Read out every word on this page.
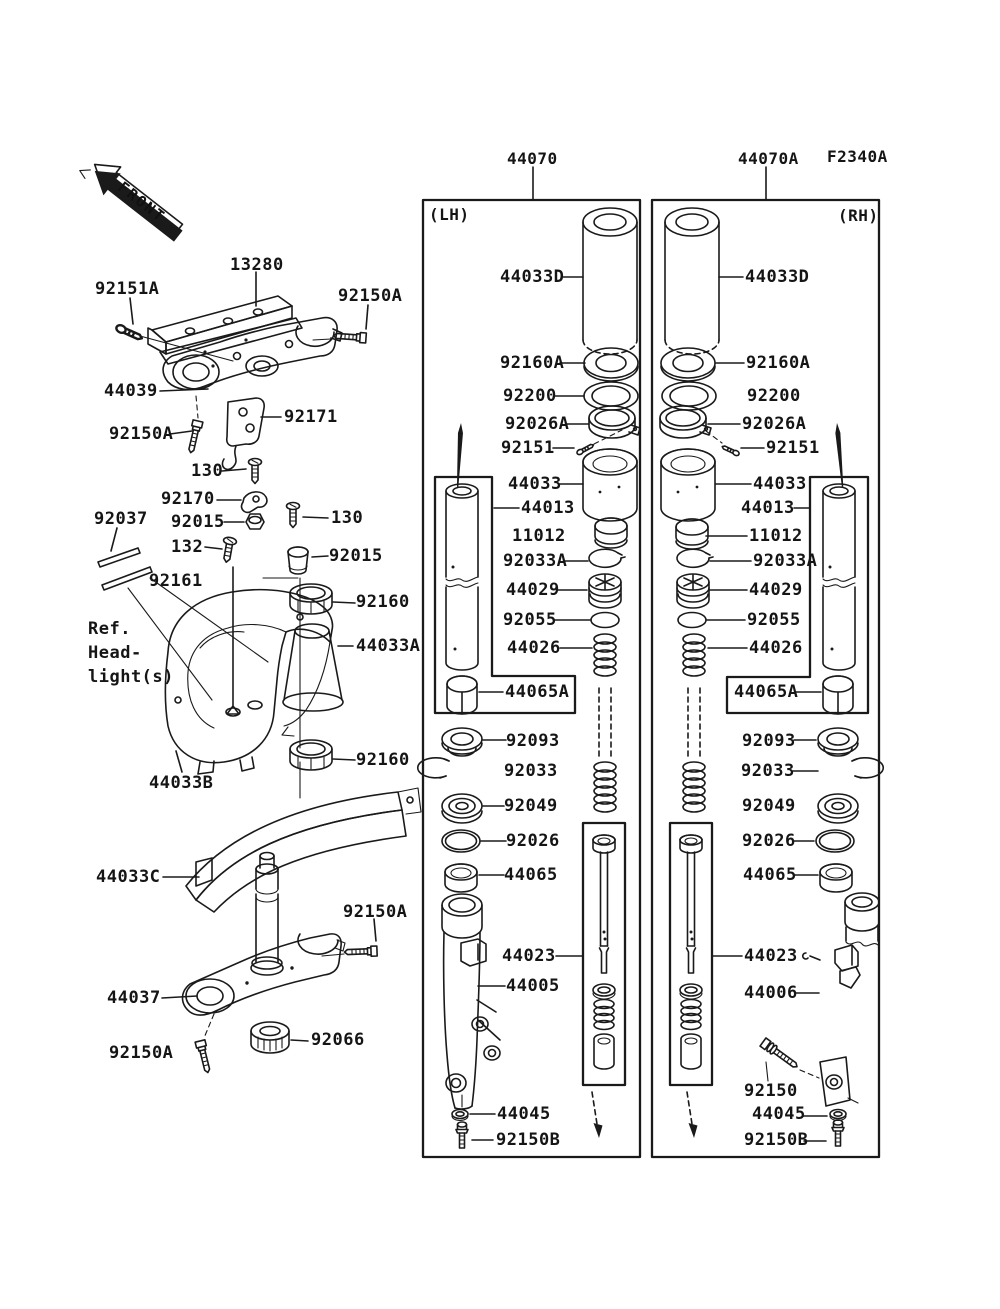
FRONT
44070	44070A F2340A
(LH)	(RH)
Ref.
Head-
light(s)
13280
92151A	92150A
44039
92171
92150A
130
92170
92015	130
92037
132	92015
92161
92160
44033A
44033B
92160
44033C
92150A
44037
92150A
92066
44033D
92160A
92200
92026A
92151
44033
44013
11012
92033A
44029
92055
44026
44065A
92093
92033
92049
92026
44065
44023
44005
44045
92150B
44033D
92160A
92200
92026A
92151
44033
44013
11012
92033A
44029
92055
44026
44065A
92093
92033
92049
92026
44065
44023
44006
92150
44045
92150B
